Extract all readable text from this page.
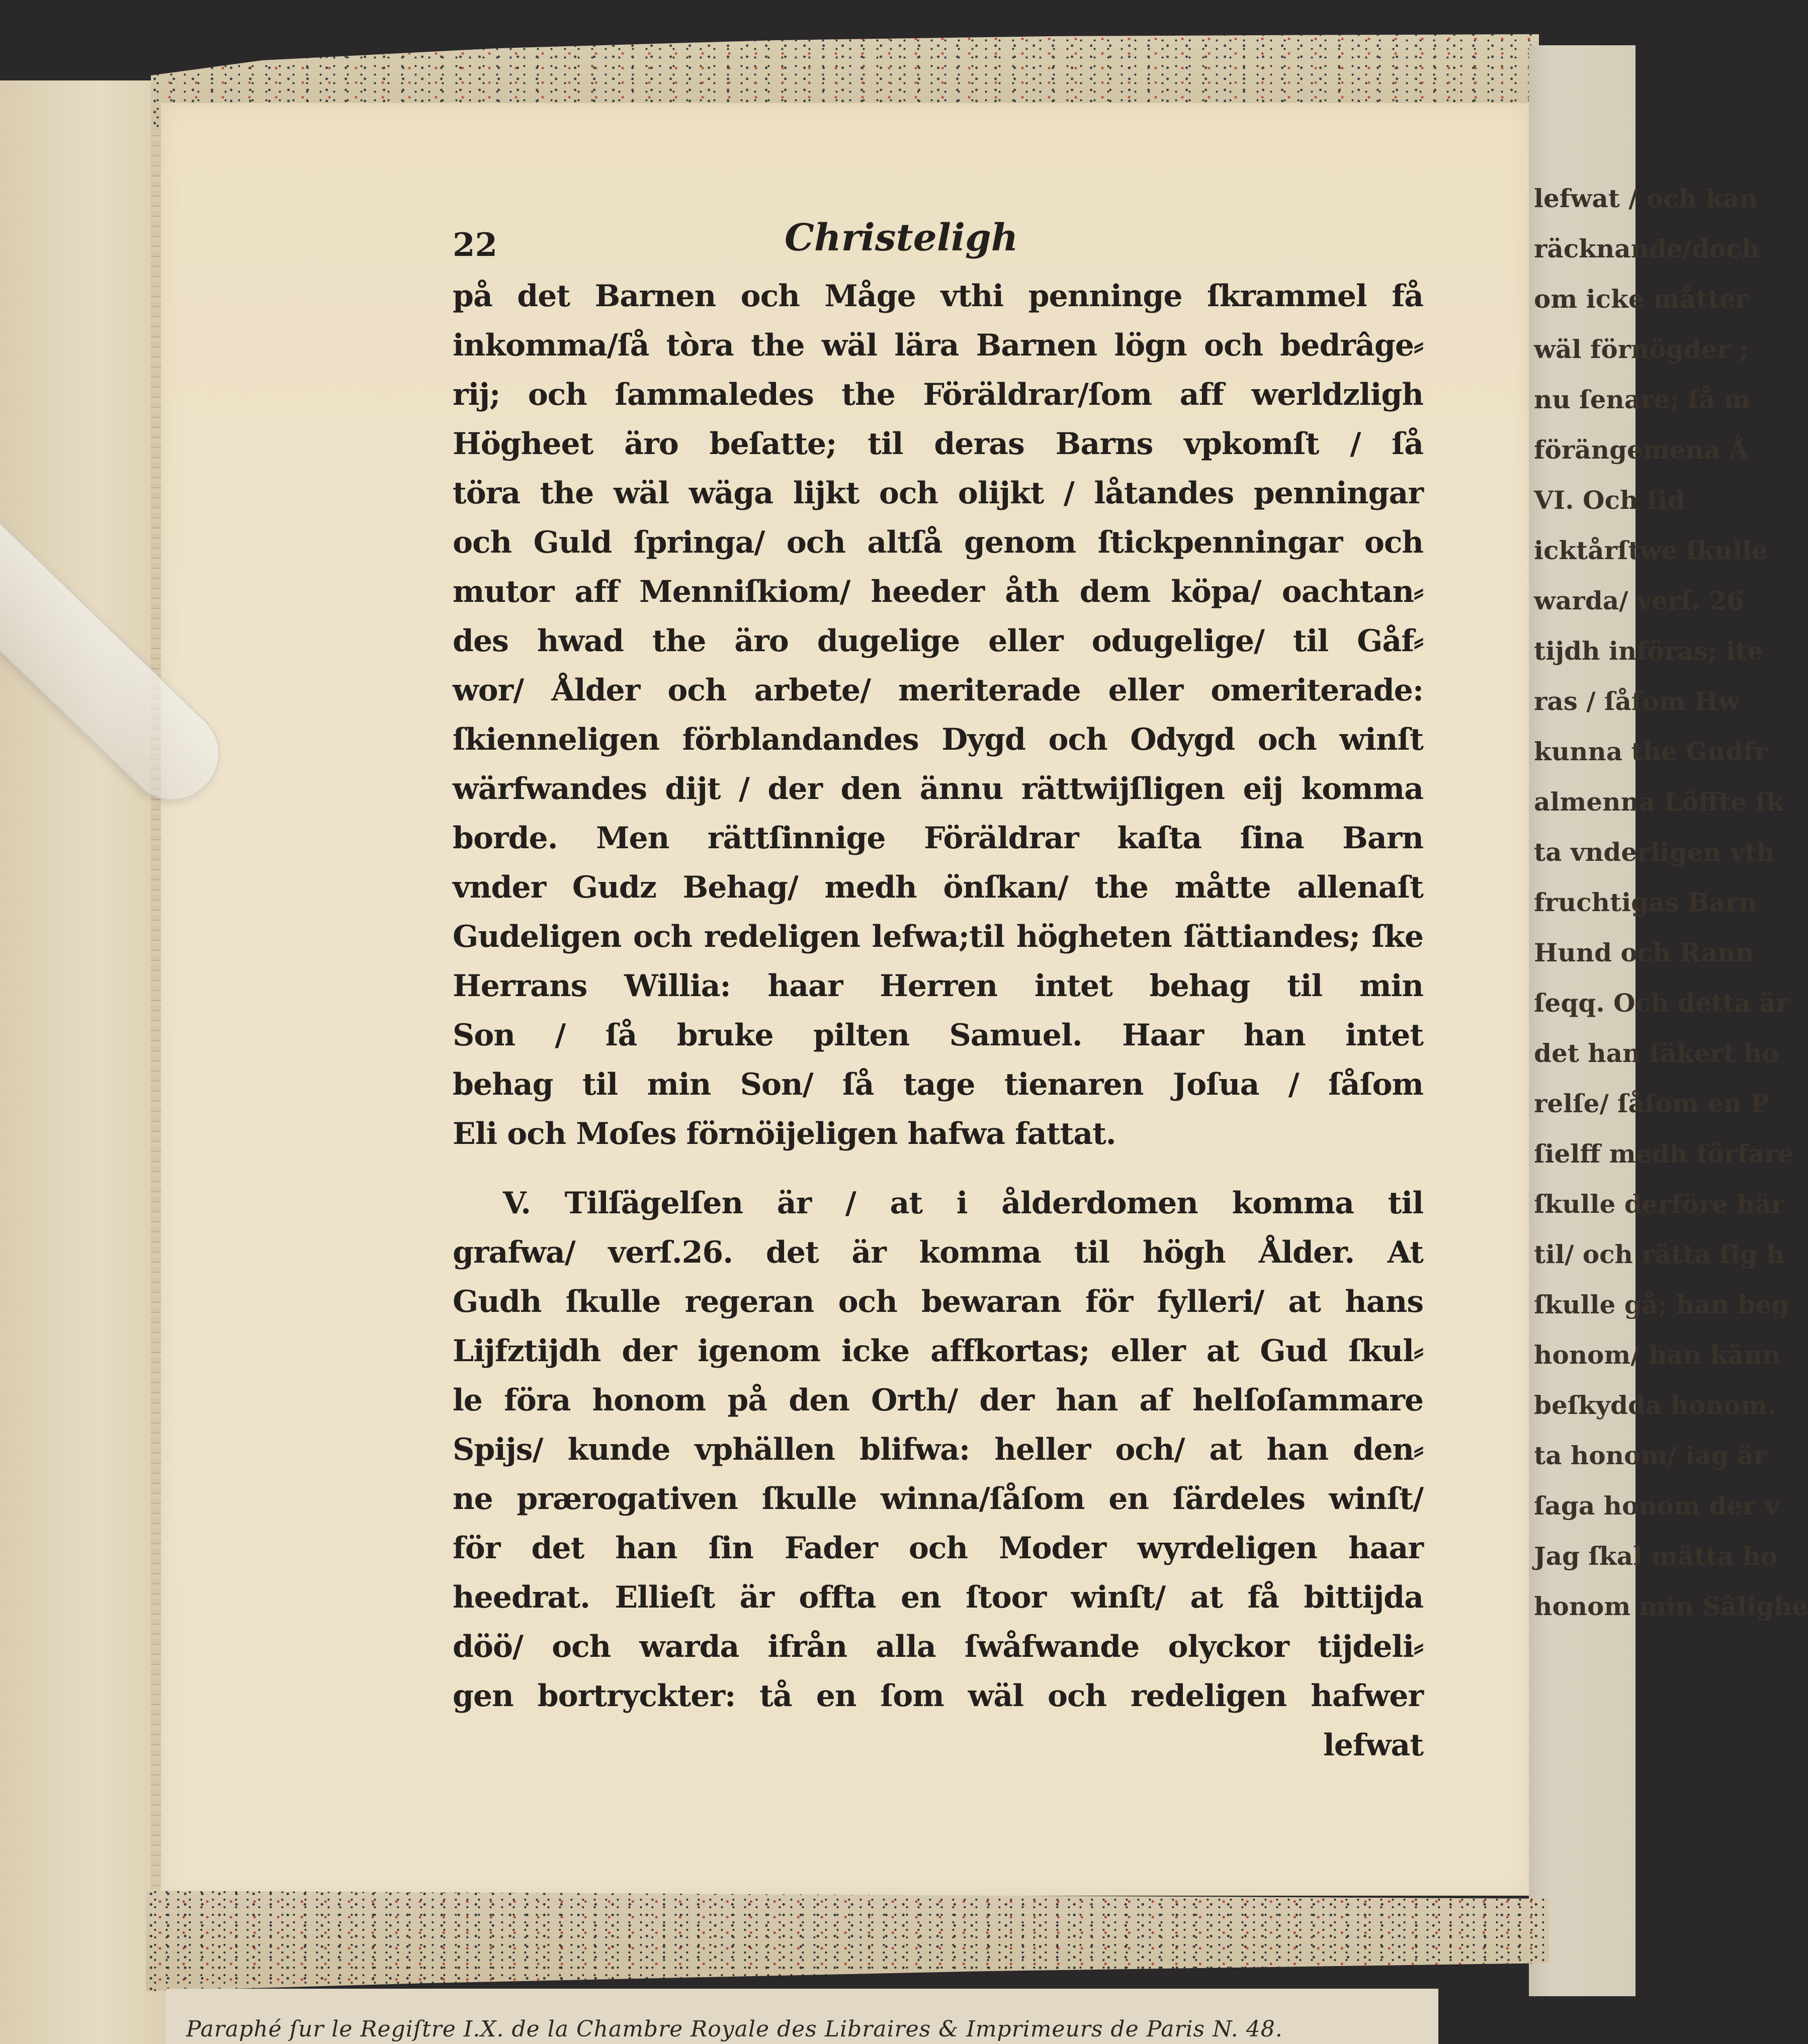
lefwat / och kan
räcknande/doch
om icke måtter
wäl förnögder ;
nu ſenare; ſå m
förängemena Å
VI. Och ſid
icktårſtwe ſkulle
warda/ verſ. 26
tijdh införas; ite
ras / ſåſom Hw
kunna the Gudfr
almenna Löffte ſk
ta vnderligen vth
fruchtigas Barn
Hund och Rann
ſeqq. Och detta är
det han ſäkert ho
relſe/ ſåſom en P
ſielff medh förfare
ſkulle derföre här
til/ och rätta ſig h
ſkulle gå; han beg
honom/ han känn
beſkydda honom.
ta honom/ iag är
ſaga honom der v
Jag ſkal mätta ho
honom min Sâlighe
22	Christeligh
på det Barnen och Måge vthi penninge ſkrammel få
inkomma/ſå tòra the wäl lära Barnen lögn och bedrâge⸗
rij; och ſammaledes the Föräldrar/ſom aff werldzligh
Högheet äro beſatte; til deras Barns vpkomſt / ſå
töra the wäl wäga lijkt och olijkt / låtandes penningar
och Guld ſpringa/ och altſå genom ſtickpenningar och
mutor aff Menniſkiom/ heeder åth dem köpa/ oachtan⸗
des hwad the äro dugelige eller odugelige/ til Gåf⸗
wor/ Ålder och arbete/ meriterade eller omeriterade:
ſkienneligen förblandandes Dygd och Odygd och winſt
wärfwandes dijt / der den ännu rättwijſligen eij komma
borde. Men rättſinnige Föräldrar kaſta ſina Barn
vnder Gudz Behag/ medh önſkan/ the måtte allenaſt
Gudeligen och redeligen lefwa;til högheten ſättiandes; ſke
Herrans Willia: haar Herren intet behag til min
Son / ſå bruke pilten Samuel. Haar han intet
behag til min Son/ ſå tage tienaren Joſua / ſåſom
Eli och Moſes förnöijeligen hafwa fattat.
V. Tilſägelſen är / at i ålderdomen komma til
grafwa/ verſ.26. det är komma til högh Ålder. At
Gudh ſkulle regeran och bewaran för fylleri/ at hans
Lijfztijdh der igenom icke affkortas; eller at Gud ſkul⸗
le föra honom på den Orth/ der han af helſoſammare
Spijs/ kunde vphällen blifwa: heller och/ at han den⸗
ne prærogativen ſkulle winna/ſåſom en ſärdeles winſt/
för det han ſin Fader och Moder wyrdeligen haar
heedrat. Ellieſt är offta en ſtoor winſt/ at få bittijda
döö/ och warda ifrån alla ſwåfwande olyckor tijdeli⸗
gen bortryckter: tå en ſom wäl och redeligen hafwer
lefwat
Paraphé ſur le Regiſtre I.X. de la Chambre Royale des Libraires & Imprimeurs de Paris N. 48.
